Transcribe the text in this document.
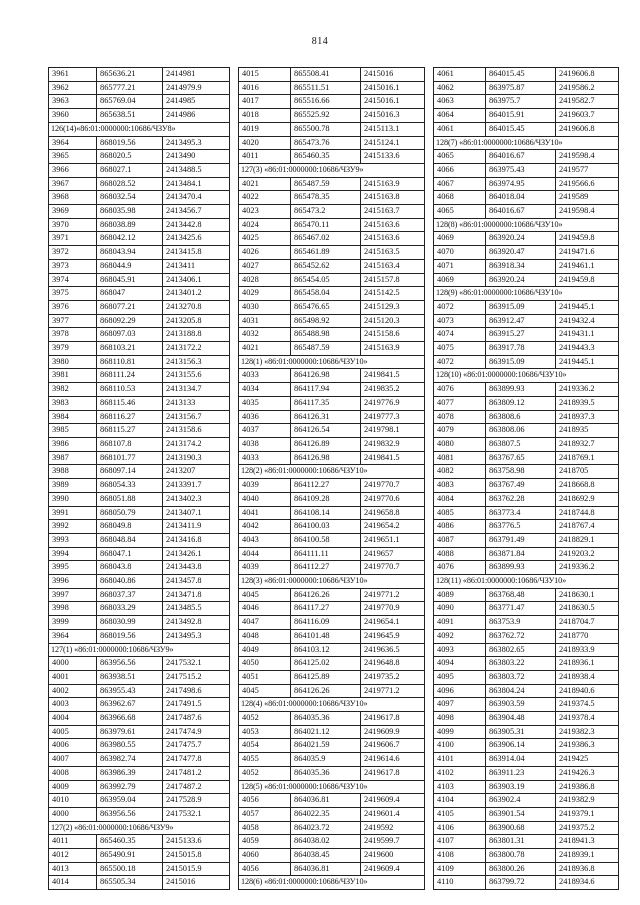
814
3961	865636.21	2414981
3962	865777.21	2414979.9
3963	865769.04	2414985
3960	865638.51	2414986
126(14)«86:01:0000000:10686/ЧЗУ8»		
3964	868019.56	2413495.3
3965	868020.5	2413490
3966	868027.1	2413488.5
3967	868028.52	2413484.1
3968	868032.54	2413470.4
3969	868035.98	2413456.7
3970	868038.89	2413442.8
3971	868042.12	2413425.6
3972	868043.94	2413415.8
3973	868044.9	2413411
3974	868045.91	2413406.1
3975	868047	2413401.2
3976	868077.21	2413270.8
3977	868092.29	2413205.8
3978	868097.03	2413188.8
3979	868103.21	2413172.2
3980	868110.81	2413156.3
3981	868111.24	2413155.6
3982	868110.53	2413134.7
3983	868115.46	2413133
3984	868116.27	2413156.7
3985	868115.27	2413158.6
3986	868107.8	2413174.2
3987	868101.77	2413190.3
3988	868097.14	2413207
3989	868054.33	2413391.7
3990	868051.88	2413402.3
3991	868050.79	2413407.1
3992	868049.8	2413411.9
3993	868048.84	2413416.8
3994	868047.1	2413426.1
3995	868043.8	2413443.8
3996	868040.86	2413457.8
3997	868037.37	2413471.8
3998	868033.29	2413485.5
3999	868030.99	2413492.8
3964	868019.56	2413495.3
127(1) «86:01:0000000:10686/ЧЗУ9»		
4000	863956.56	2417532.1
4001	863938.51	2417515.2
4002	863955.43	2417498.6
4003	863962.67	2417491.5
4004	863966.68	2417487.6
4005	863979.61	2417474.9
4006	863980.55	2417475.7
4007	863982.74	2417477.8
4008	863986.39	2417481.2
4009	863992.79	2417487.2
4010	863959.04	2417528.9
4000	863956.56	2417532.1
127(2) «86:01:0000000:10686/ЧЗУ9»		
4011	865460.35	2415133.6
4012	865490.91	2415015.8
4013	865500.18	2415015.9
4014	865505.34	2415016
4015	865508.41	2415016
4016	865511.51	2415016.1
4017	865516.66	2415016.1
4018	865525.92	2415016.3
4019	865500.78	2415113.1
4020	865473.76	2415124.1
4011	865460.35	2415133.6
127(3) «86:01:0000000:10686/ЧЗУ9»		
4021	865487.59	2415163.9
4022	865478.35	2415163.8
4023	865473.2	2415163.7
4024	865470.11	2415163.6
4025	865467.02	2415163.6
4026	865461.89	2415163.5
4027	865452.62	2415163.4
4028	865454.05	2415157.8
4029	865458.04	2415142.5
4030	865476.65	2415129.3
4031	865498.92	2415120.3
4032	865488.98	2415158.6
4021	865487.59	2415163.9
128(1) «86:01:0000000:10686/ЧЗУ10»		
4033	864126.98	2419841.5
4034	864117.94	2419835.2
4035	864117.35	2419776.9
4036	864126.31	2419777.3
4037	864126.54	2419798.1
4038	864126.89	2419832.9
4033	864126.98	2419841.5
128(2) «86:01:0000000:10686/ЧЗУ10»		
4039	864112.27	2419770.7
4040	864109.28	2419770.6
4041	864108.14	2419658.8
4042	864100.03	2419654.2
4043	864100.58	2419651.1
4044	864111.11	2419657
4039	864112.27	2419770.7
128(3) «86:01:0000000:10686/ЧЗУ10»		
4045	864126.26	2419771.2
4046	864117.27	2419770.9
4047	864116.09	2419654.1
4048	864101.48	2419645.9
4049	864103.12	2419636.5
4050	864125.02	2419648.8
4051	864125.89	2419735.2
4045	864126.26	2419771.2
128(4) «86:01:0000000:10686/ЧЗУ10»		
4052	864035.36	2419617.8
4053	864021.12	2419609.9
4054	864021.59	2419606.7
4055	864035.9	2419614.6
4052	864035.36	2419617.8
128(5) «86:01:0000000:10686/ЧЗУ10»		
4056	864036.81	2419609.4
4057	864022.35	2419601.4
4058	864023.72	2419592
4059	864038.02	2419599.7
4060	864038.45	2419600
4056	864036.81	2419609.4
128(6) «86:01:0000000:10686/ЧЗУ10»		
4061	864015.45	2419606.8
4062	863975.87	2419586.2
4063	863975.7	2419582.7
4064	864015.91	2419603.7
4061	864015.45	2419606.8
128(7) «86:01:0000000:10686/ЧЗУ10»		
4065	864016.67	2419598.4
4066	863975.43	2419577
4067	863974.95	2419566.6
4068	864018.04	2419589
4065	864016.67	2419598.4
128(8) «86:01:0000000:10686/ЧЗУ10»		
4069	863920.24	2419459.8
4070	863920.47	2419471.6
4071	863918.34	2419461.1
4069	863920.24	2419459.8
128(9) «86:01:0000000:10686/ЧЗУ10»		
4072	863915.09	2419445.1
4073	863912.47	2419432.4
4074	863915.27	2419431.1
4075	863917.78	2419443.3
4072	863915.09	2419445.1
128(10) «86:01:0000000:10686/ЧЗУ10»		
4076	863899.93	2419336.2
4077	863809.12	2418939.5
4078	863808.6	2418937.3
4079	863808.06	2418935
4080	863807.5	2418932.7
4081	863767.65	2418769.1
4082	863758.98	2418705
4083	863767.49	2418668.8
4084	863762.28	2418692.9
4085	863773.4	2418744.8
4086	863776.5	2418767.4
4087	863791.49	2418829.1
4088	863871.84	2419203.2
4076	863899.93	2419336.2
128(11) «86:01:0000000:10686/ЧЗУ10»		
4089	863768.48	2418630.1
4090	863771.47	2418630.5
4091	863753.9	2418704.7
4092	863762.72	2418770
4093	863802.65	2418933.9
4094	863803.22	2418936.1
4095	863803.72	2418938.4
4096	863804.24	2418940.6
4097	863903.59	2419374.5
4098	863904.48	2419378.4
4099	863905.31	2419382.3
4100	863906.14	2419386.3
4101	863914.04	2419425
4102	863911.23	2419426.3
4103	863903.19	2419386.8
4104	863902.4	2419382.9
4105	863901.54	2419379.1
4106	863900.68	2419375.2
4107	863801.31	2418941.3
4108	863800.78	2418939.1
4109	863800.26	2418936.8
4110	863799.72	2418934.6
